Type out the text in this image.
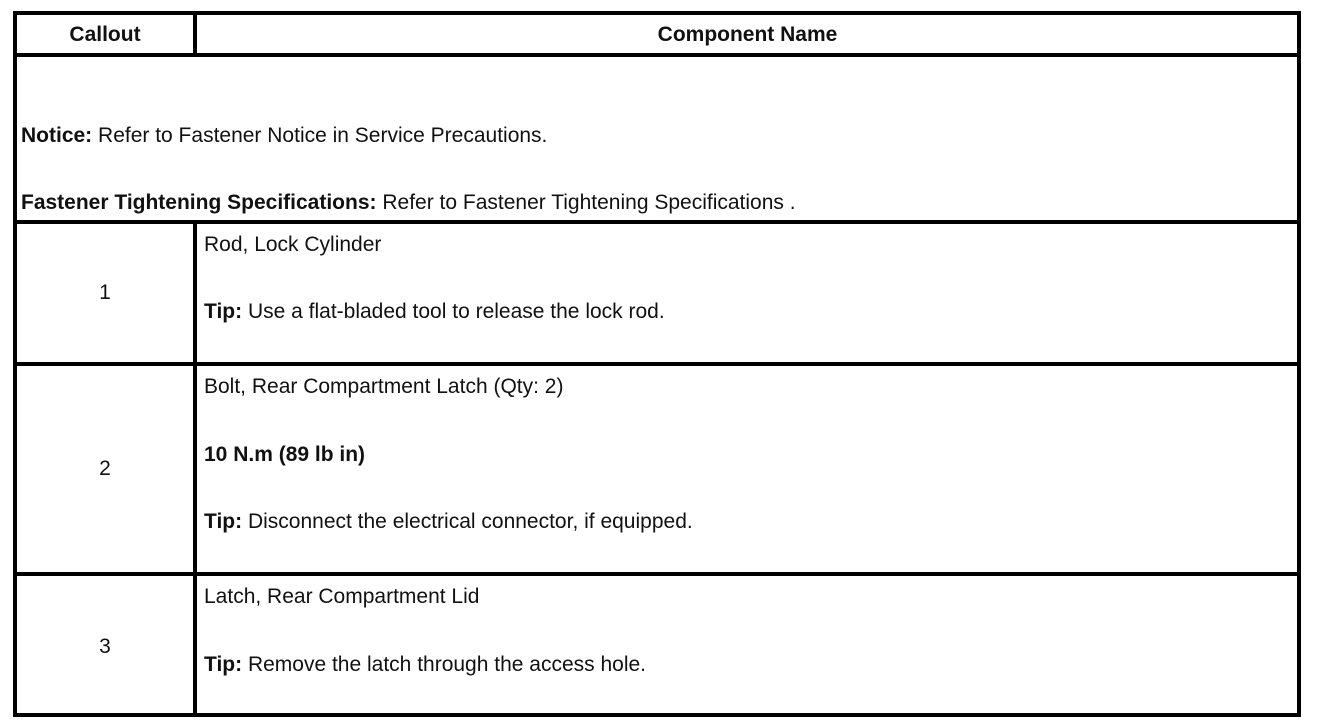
Callout	Component Name
Notice: Refer to Fastener Notice in Service Precautions.
Fastener Tightening Specifications: Refer to Fastener Tightening Specifications .
1
Rod, Lock Cylinder
Tip: Use a flat-bladed tool to release the lock rod.
2
Bolt, Rear Compartment Latch (Qty: 2)
10 N.m (89 lb in)
Tip: Disconnect the electrical connector, if equipped.
3
Latch, Rear Compartment Lid
Tip: Remove the latch through the access hole.
